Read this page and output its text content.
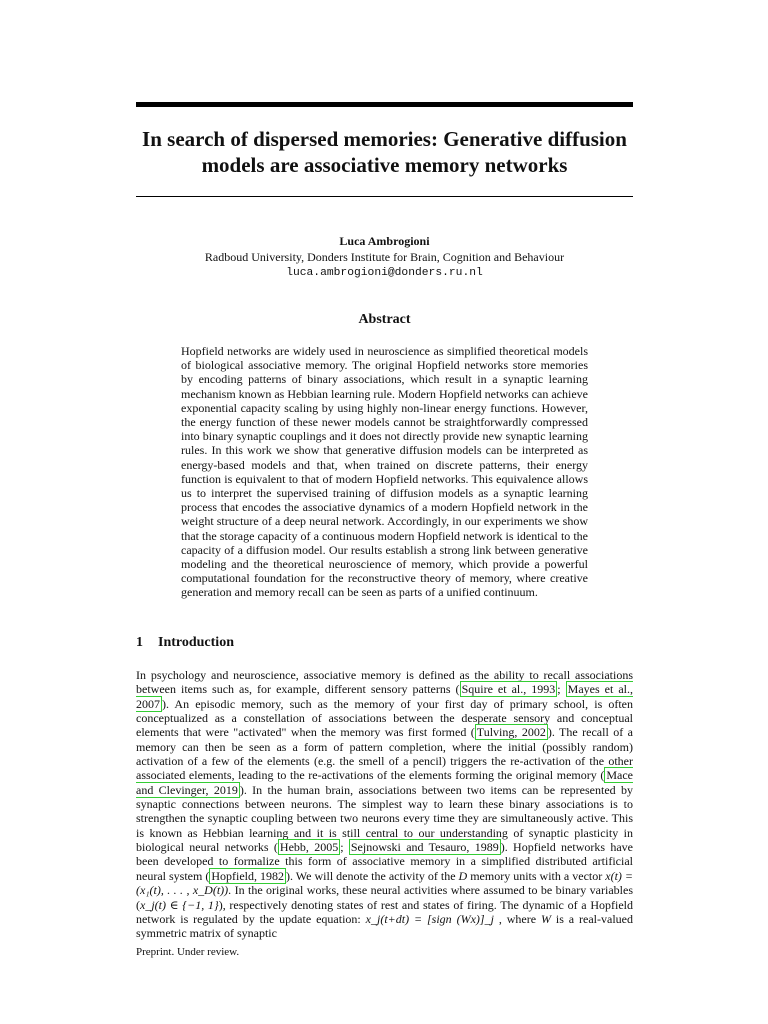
In search of dispersed memories: Generative diffusion models are associative memory networks
Luca Ambrogioni
Radboud University, Donders Institute for Brain, Cognition and Behaviour
luca.ambrogioni@donders.ru.nl
Abstract

Hopfield networks are widely used in neuroscience as simplified theoretical models of biological associative memory. The original Hopfield networks store memories by encoding patterns of binary associations, which result in a synaptic learning mechanism known as Hebbian learning rule. Modern Hopfield networks can achieve exponential capacity scaling by using highly non-linear energy functions. However, the energy function of these newer models cannot be straightforwardly compressed into binary synaptic couplings and it does not directly provide new synaptic learning rules. In this work we show that generative diffusion models can be interpreted as energy-based models and that, when trained on discrete patterns, their energy function is equivalent to that of modern Hopfield networks. This equivalence allows us to interpret the supervised training of diffusion models as a synaptic learning process that encodes the associative dynamics of a modern Hopfield network in the weight structure of a deep neural network. Accordingly, in our experiments we show that the storage capacity of a continuous modern Hopfield network is identical to the capacity of a diffusion model. Our results establish a strong link between generative modeling and the theoretical neuroscience of memory, which provide a powerful computational foundation for the reconstructive theory of memory, where creative generation and memory recall can be seen as parts of a unified continuum.

1 Introduction

In psychology and neuroscience, associative memory is defined as the ability to recall associations between items such as, for example, different sensory patterns ( Squire et al., 1993 ; Mayes et al., 2007 ). An episodic memory, such as the memory of your first day of primary school, is often conceptualized as a constellation of associations between the desperate sensory and conceptual elements that were "activated" when the memory was first formed ( Tulving, 2002 ). The recall of a memory can then be seen as a form of pattern completion, where the initial (possibly random) activation of a few of the elements (e.g. the smell of a pencil) triggers the re-activation of the other associated elements, leading to the re-activations of the elements forming the original memory ( Mace and Clevinger, 2019 ). In the human brain, associations between two items can be represented by synaptic connections between neurons. The simplest way to learn these binary associations is to strengthen the synaptic coupling between two neurons every time they are simultaneously active. This is known as Hebbian learning and it is still central to our understanding of synaptic plasticity in biological neural networks ( Hebb, 2005 ; Sejnowski and Tesauro, 1989 ). Hopfield networks have been developed to formalize this form of associative memory in a simplified distributed artificial neural system ( Hopfield, 1982 ). We will denote the activity of the D memory units with a vector x(t) = (x₁(t), . . . , x_D(t)). In the original works, these neural activities where assumed to be binary variables (x_j(t) ∈ {−1, 1}), respectively denoting states of rest and states of firing. The dynamic of a Hopfield network is regulated by the update equation: x_j(t+dt) = [sign (Wx)]_j , where W is a real-valued symmetric matrix of synaptic

Preprint. Under review.
